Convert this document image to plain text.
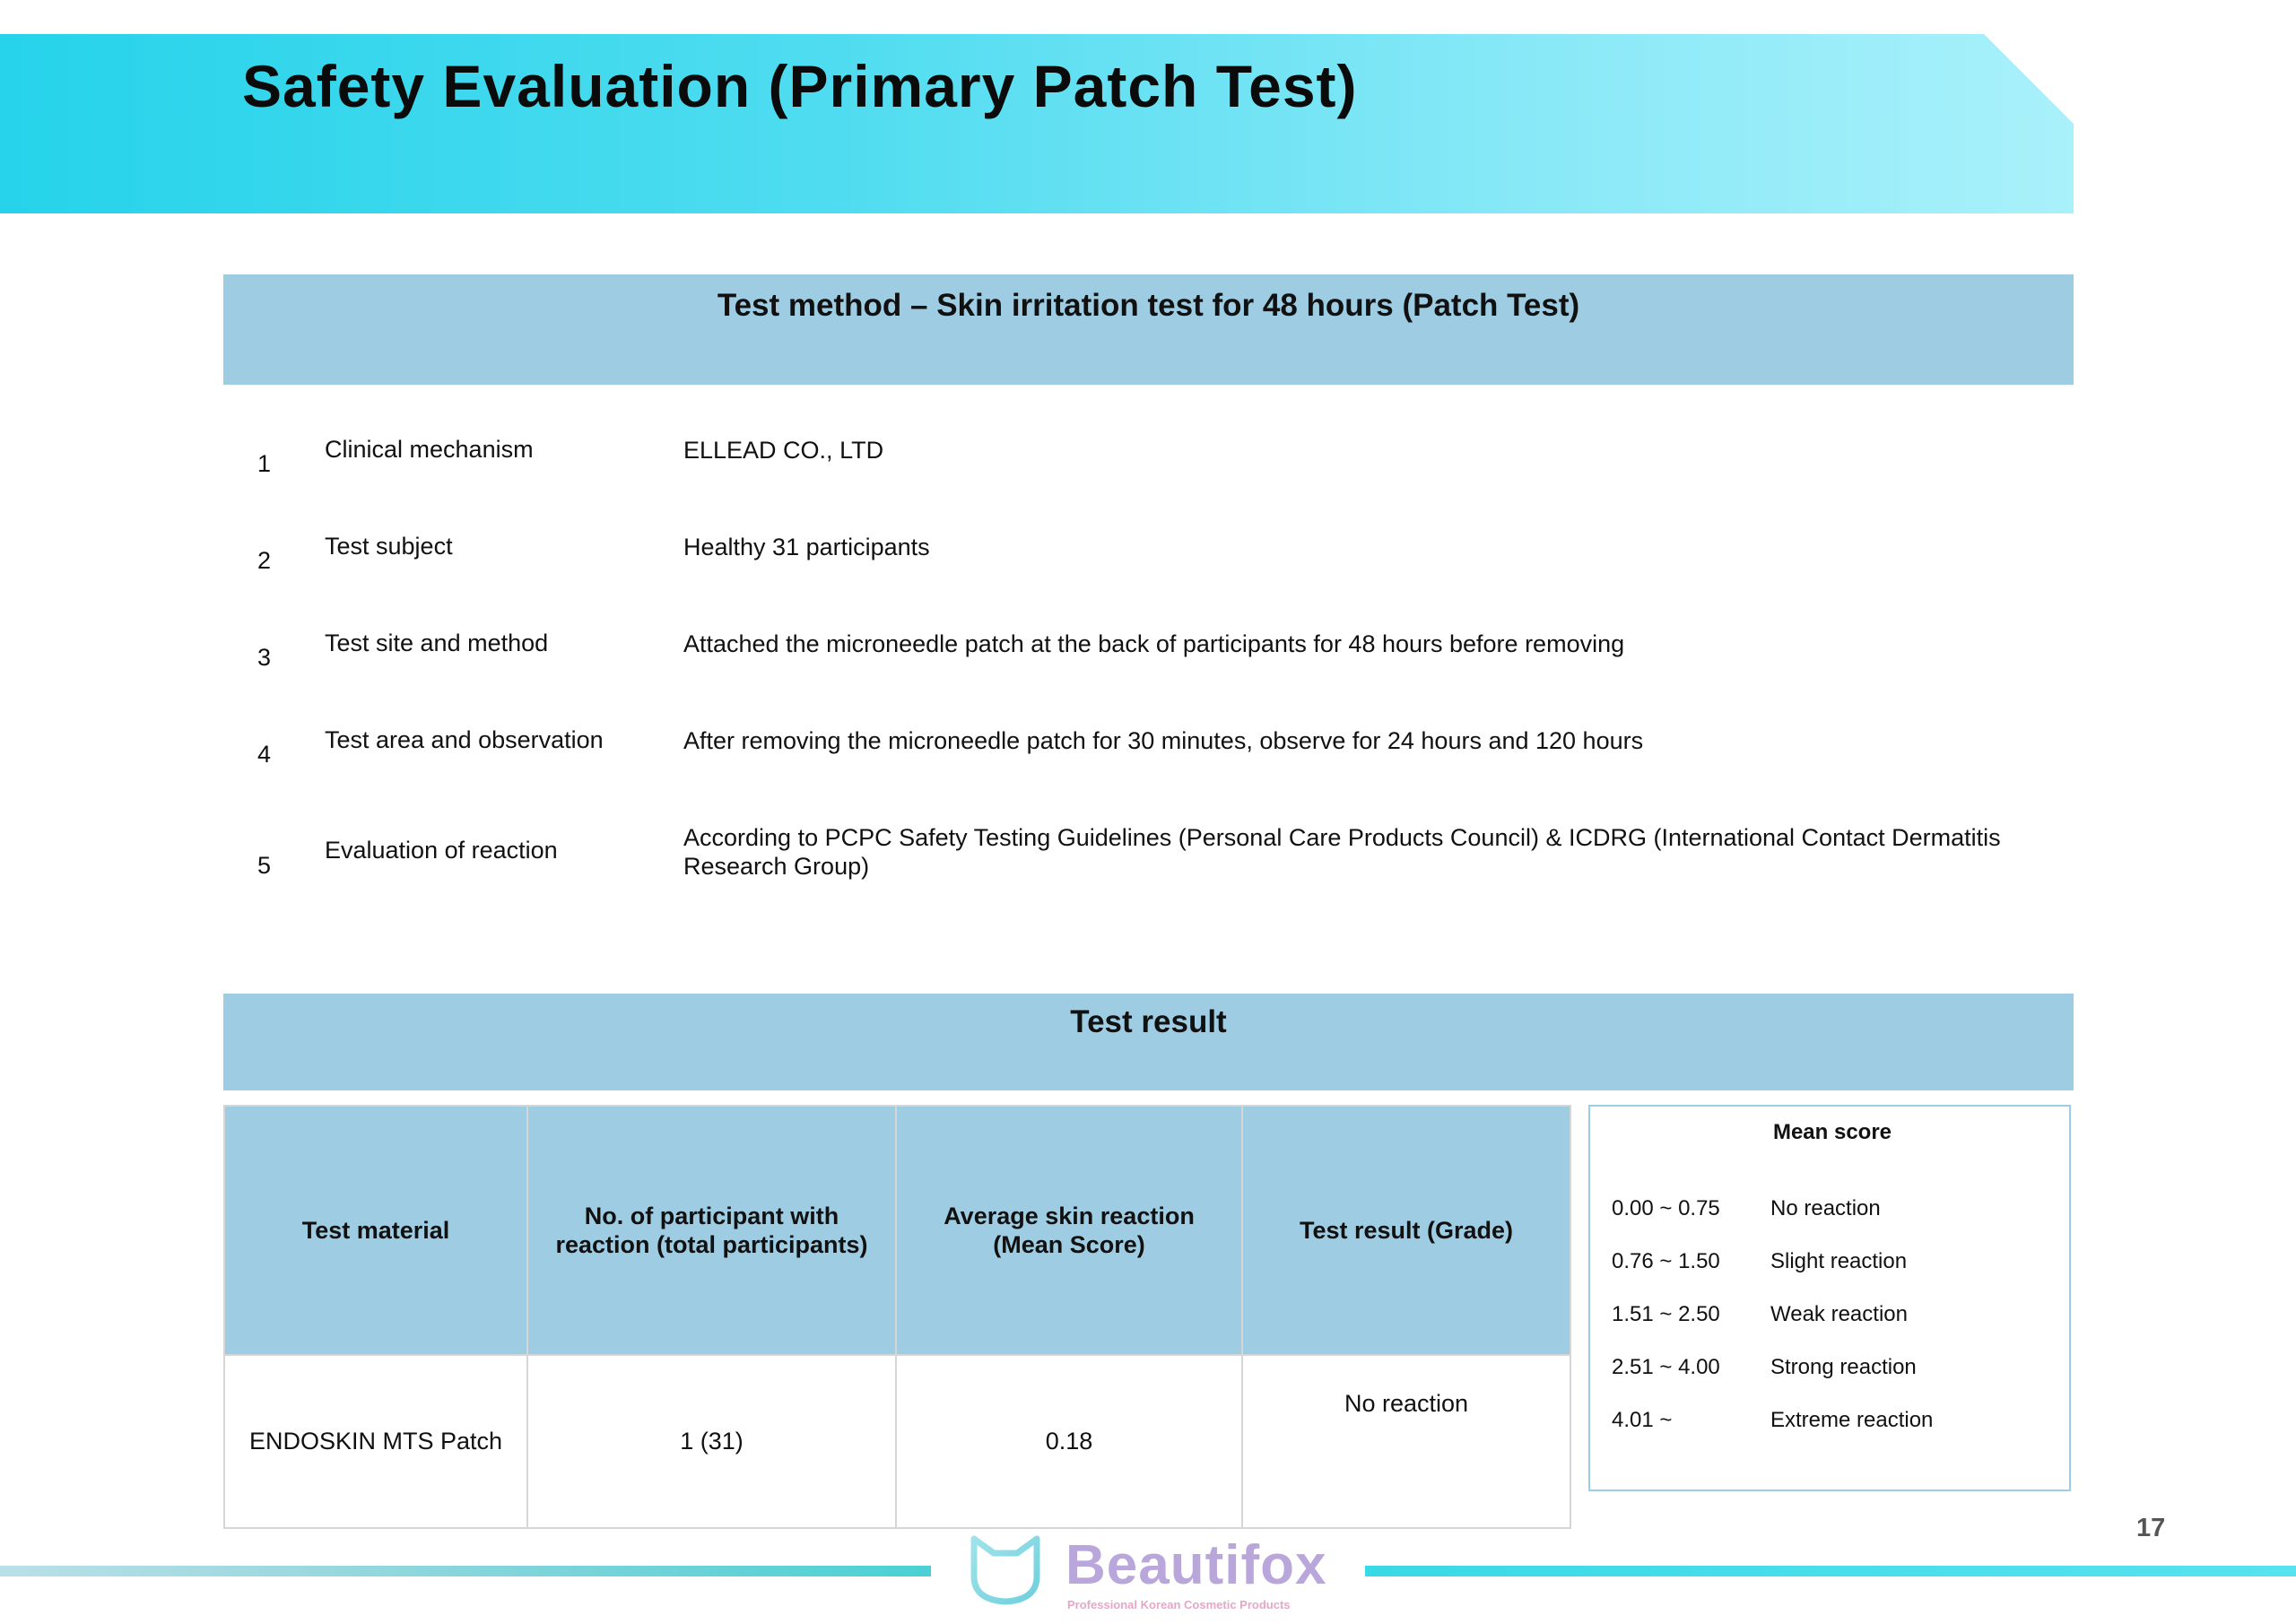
Safety Evaluation (Primary Patch Test)
Test method – Skin irritation test for 48 hours (Patch Test)
1
Clinical mechanism	ELLEAD CO., LTD
2
Test subject	Healthy 31 participants
3
Test site and method	Attached the microneedle patch at the back of participants for 48 hours before removing
4
Test area and observation	After removing the microneedle patch for 30 minutes, observe for 24 hours and 120 hours
5
Evaluation of reaction	According to PCPC Safety Testing Guidelines (Personal Care Products Council) & ICDRG (International Contact Dermatitis Research Group)
Test result
Test material	No. of participant with reaction (total participants)	Average skin reaction (Mean Score)	Test result (Grade)
ENDOSKIN MTS Patch	1 (31)	0.18	No reaction
Mean score
0.00 ~ 0.75 No reaction
0.76 ~ 1.50 Slight reaction
1.51 ~ 2.50 Weak reaction
2.51 ~ 4.00 Strong reaction
4.01 ~	Extreme reaction
17
Beautifox
Professional Korean Cosmetic Products
